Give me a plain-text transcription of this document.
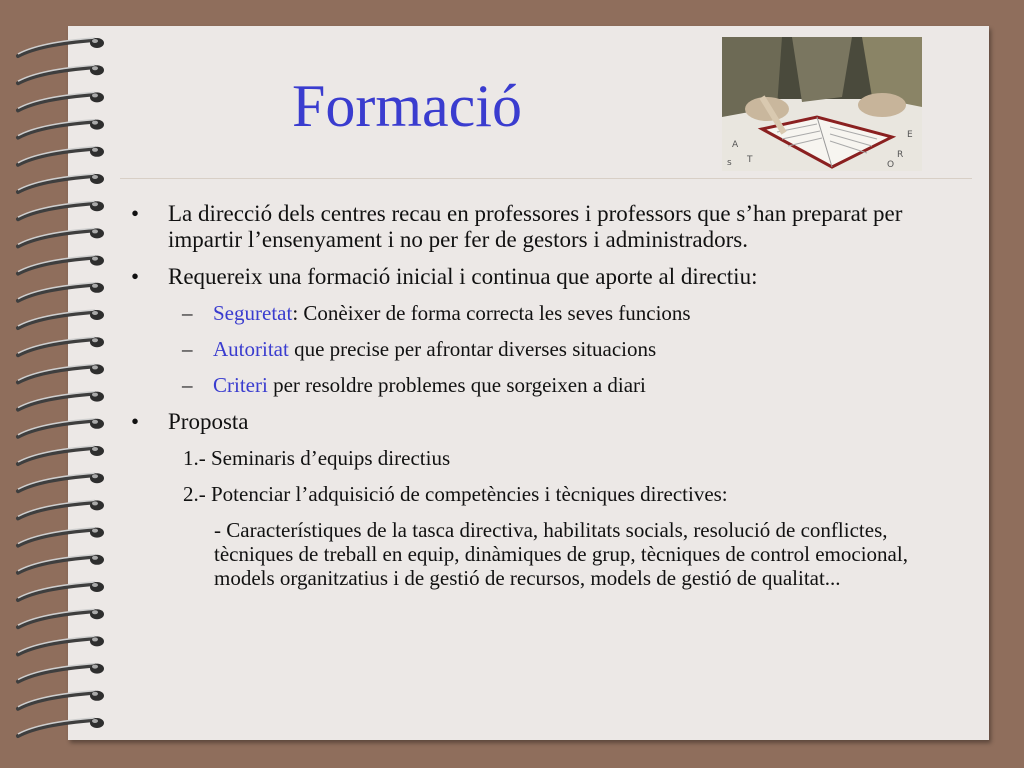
Formació
A
T	R
E
O
s
• La direcció dels centres recau en professores i professors que s’han preparat per impartir l’ensenyament i no per fer de gestors i administradors.
• Requereix una formació inicial i continua que aporte al directiu:
– Seguretat: Conèixer de forma correcta les seves funcions
– Autoritat que precise per afrontar diverses situacions
– Criteri per resoldre problemes que sorgeixen a diari
• Proposta
1.- Seminaris d’equips directius
2.- Potenciar l’adquisició de competències i tècniques directives:
- Característiques de la tasca directiva, habilitats socials, resolució de conflictes, tècniques de treball en equip, dinàmiques de grup, tècniques de control emocional, models organitzatius i de gestió de recursos, models de gestió de qualitat...
